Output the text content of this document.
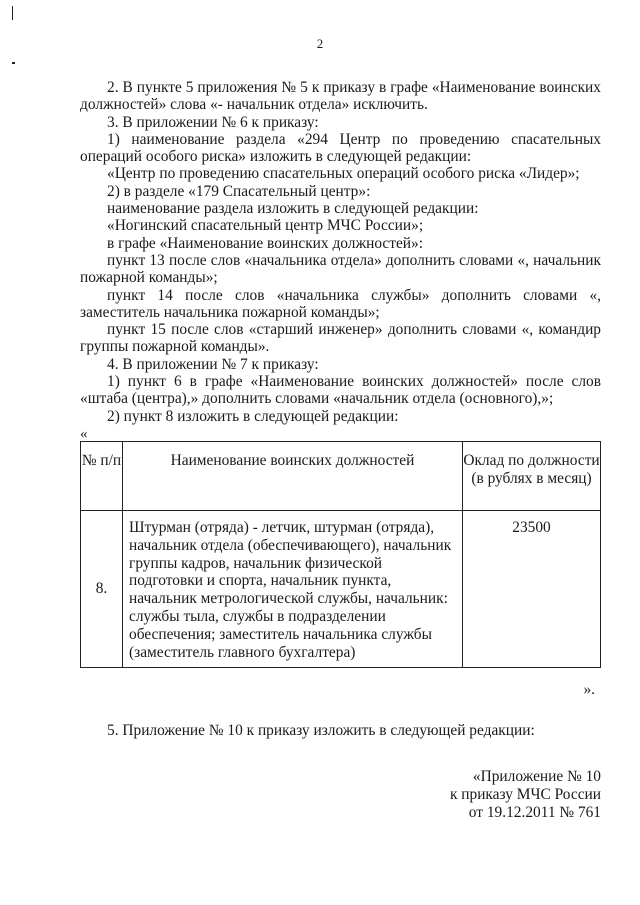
2

2. В пункте 5 приложения № 5 к приказу в графе «Наименование воинских должностей» слова «- начальник отдела» исключить.

3. В приложении № 6 к приказу:

1) наименование раздела «294 Центр по проведению спасательных операций особого риска» изложить в следующей редакции:

«Центр по проведению спасательных операций особого риска «Лидер»;

2) в разделе «179 Спасательный центр»:

наименование раздела изложить в следующей редакции:

«Ногинский спасательный центр МЧС России»;

в графе «Наименование воинских должностей»:

пункт 13 после слов «начальника отдела» дополнить словами «, начальник пожарной команды»;

пункт 14 после слов «начальника службы» дополнить словами «, заместитель начальника пожарной команды»;

пункт 15 после слов «старший инженер» дополнить словами «, командир группы пожарной команды».

4. В приложении № 7 к приказу:

1) пункт 6 в графе «Наименование воинских должностей» после слов «штаба (центра),» дополнить словами «начальник отдела (основного),»;

2) пункт 8 изложить в следующей редакции:

«
№ п/п	Наименование воинских должностей	Оклад по должности (в рублях в месяц)
8.	Штурман (отряда) - летчик, штурман (отряда), начальник отдела (обеспечивающего), начальник группы кадров, начальник физической подготовки и спорта, начальник пункта, начальник метрологической службы, начальник: службы тыла, службы в подразделении обеспечения; заместитель начальника службы (заместитель главного бухгалтера)	23500
».

5. Приложение № 10 к приказу изложить в следующей редакции:

«Приложение № 10
к приказу МЧС России
от 19.12.2011 № 761
